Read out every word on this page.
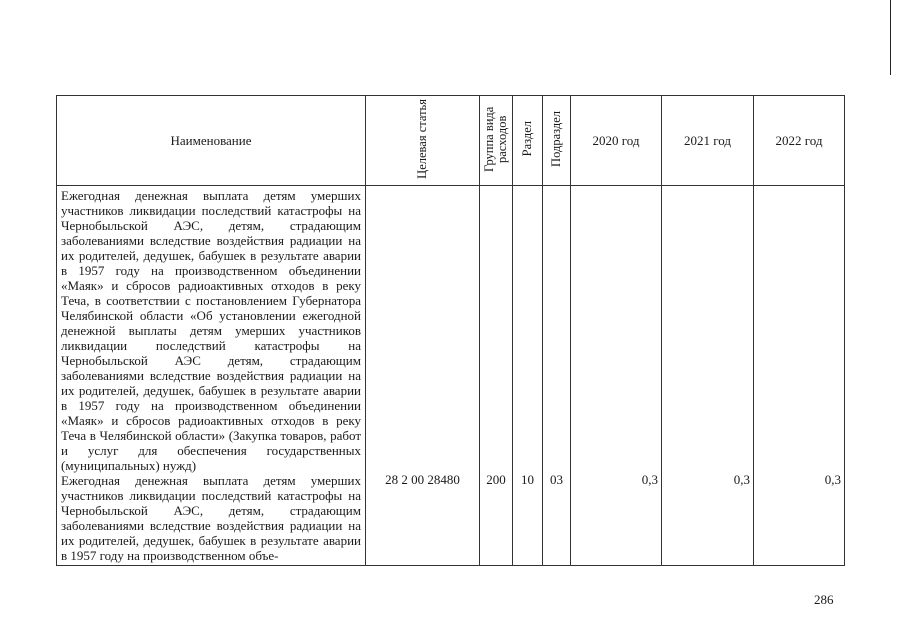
Наименование	Целевая статья	Группа вида расходов	Раздел	Подраздел	2020 год	2021 год	2022 год

Ежегодная денежная выплата детям умерших участников ликвидации последствий катастрофы на Чернобыльской АЭС, детям, страдающим заболеваниями вследствие воздействия радиации на их родителей, дедушек, бабушек в результате аварии в 1957 году на производственном объединении «Маяк» и сбросов радиоактивных отходов в реку Теча, в соответствии с постановлением Губернатора Челябинской области «Об установлении ежегодной денежной выплаты детям умерших участников ликвидации последствий катастрофы на Чернобыльской АЭС детям, страдающим заболеваниями вследствие воздействия радиации на их родителей, дедушек, бабушек в результате аварии в 1957 году на производственном объединении «Маяк» и сбросов радиоактивных отходов в реку Теча в Челябинской области» (Закупка товаров, работ и услуг для обеспечения государственных (муниципальных) нужд)

Ежегодная денежная выплата детям умерших участников ликвидации последствий катастрофы на Чернобыльской АЭС, детям, страдающим заболеваниями вследствие воздействия радиации на их родителей, дедушек, бабушек в результате аварии в 1957 году на производственном объе-	28 2 00 28480	200	10	03	0,3	0,3	0,3
286
